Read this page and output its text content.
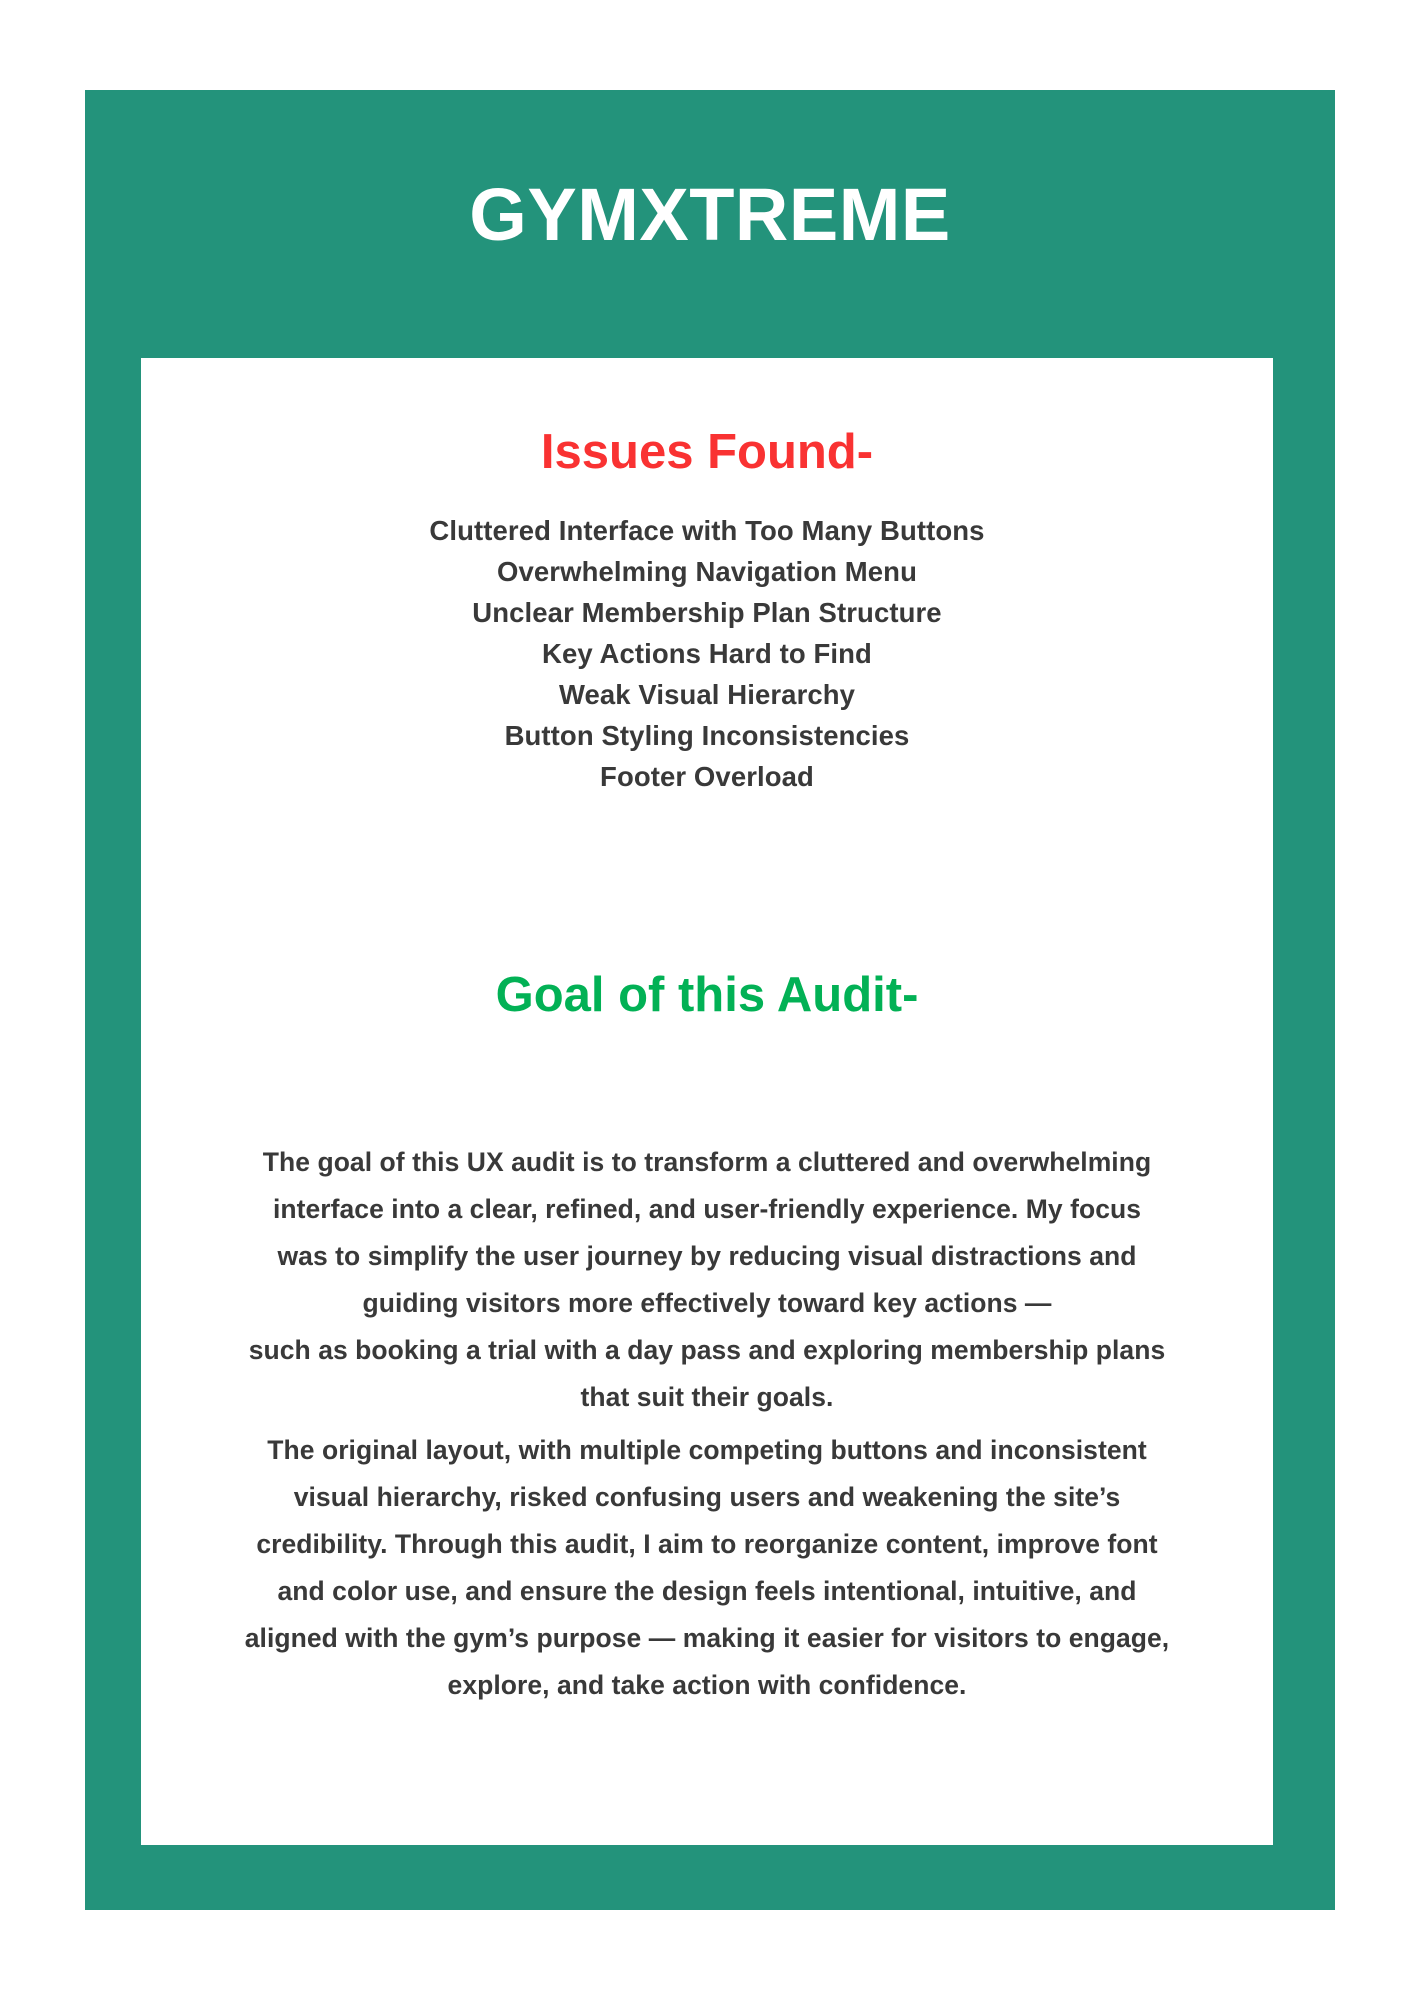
GYMXTREME
Issues Found-
Cluttered Interface with Too Many Buttons
Overwhelming Navigation Menu
Unclear Membership Plan Structure
Key Actions Hard to Find
Weak Visual Hierarchy
Button Styling Inconsistencies
Footer Overload
Goal of this Audit-

The goal of this UX audit is to transform a cluttered and overwhelming

interface into a clear, refined, and user-friendly experience. My focus

was to simplify the user journey by reducing visual distractions and

guiding visitors more effectively toward key actions —

such as booking a trial with a day pass and exploring membership plans

that suit their goals.

The original layout, with multiple competing buttons and inconsistent

visual hierarchy, risked confusing users and weakening the site’s

credibility. Through this audit, I aim to reorganize content, improve font

and color use, and ensure the design feels intentional, intuitive, and

aligned with the gym’s purpose — making it easier for visitors to engage,

explore, and take action with confidence.
